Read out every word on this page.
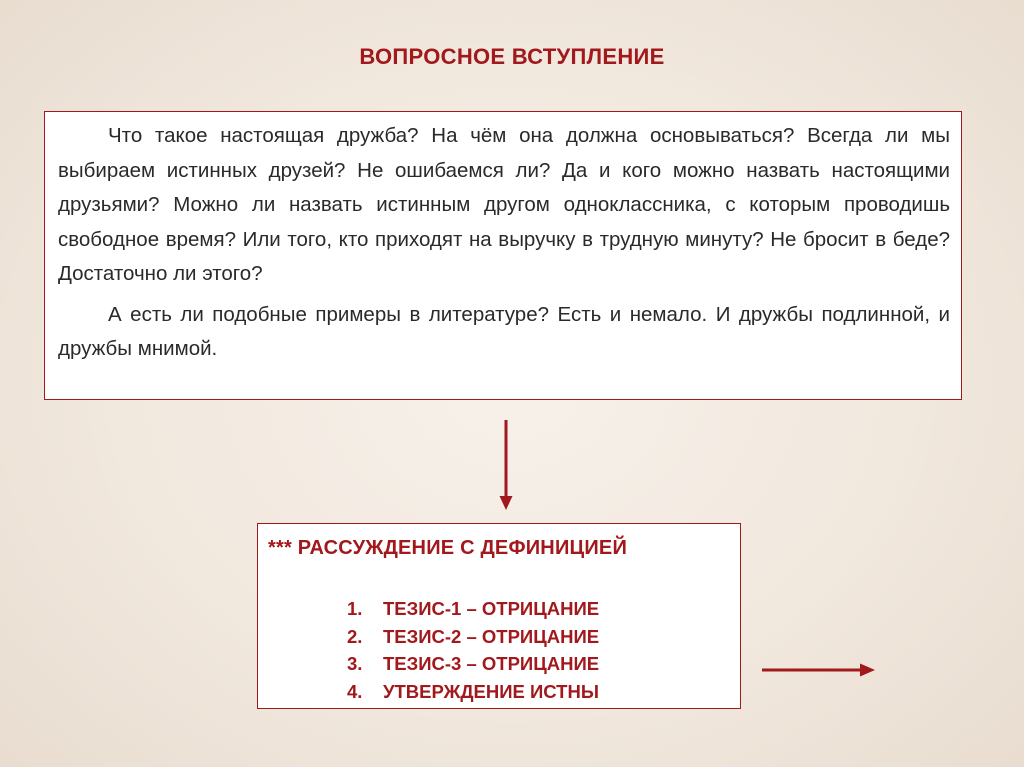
ВОПРОСНОЕ ВСТУПЛЕНИЕ

Что такое настоящая дружба? На чём она должна основываться? Всегда ли мы выбираем истинных друзей? Не ошибаемся ли? Да и кого можно назвать настоящими друзьями? Можно ли назвать истинным другом одноклассника, с которым проводишь свободное время? Или того, кто приходят на выручку в трудную минуту? Не бросит в беде? Достаточно ли этого?

А есть ли подобные примеры в литературе? Есть и немало. И дружбы подлинной, и дружбы мнимой.

*** РАССУЖДЕНИЕ С ДЕФИНИЦИЕЙ
1. ТЕЗИС-1 – ОТРИЦАНИЕ
2. ТЕЗИС-2 – ОТРИЦАНИЕ
3. ТЕЗИС-3 – ОТРИЦАНИЕ
4. УТВЕРЖДЕНИЕ ИСТНЫ
